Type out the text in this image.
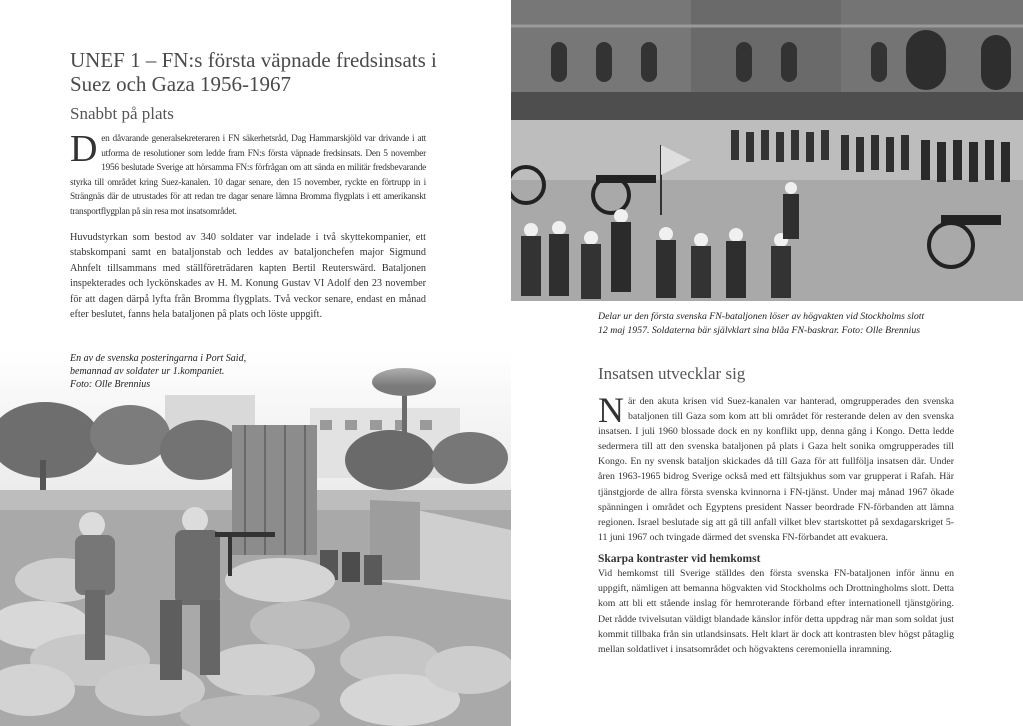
UNEF 1 – FN:s första väpnade fredsinsats i Suez och Gaza 1956-1967
Snabbt på plats

Den dåvarande generalsekreteraren i FN säkerhetsråd, Dag Hammarskjöld var drivande i att utforma de resolutioner som ledde fram FN:s första väpnade fredsinsats. Den 5 november 1956 beslutade Sverige att hörsamma FN:s förfrågan om att sända en militär fredsbevarande styrka till området kring Suez-kanalen. 10 dagar senare, den 15 november, ryckte en förtrupp in i Strängnäs där de utrustades för att redan tre dagar senare lämna Bromma flygplats i ett amerikanskt transportflygplan på sin resa mot insatsområdet.

Huvudstyrkan som bestod av 340 soldater var indelade i två skyttekompanier, ett stabskompani samt en bataljonstab och leddes av bataljonchefen major Sigmund Ahnfelt tillsammans med ställföreträdaren kapten Bertil Reuterswärd. Bataljonen inspekterades och lyckönskades av H. M. Konung Gustav VI Adolf den 23 november för att dagen därpå lyfta från Bromma flygplats. Två veckor senare, endast en månad efter beslutet, fanns hela bataljonen på plats och löste uppgift.

En av de svenska posteringarna i Port Said,
bemannad av soldater ur 1.kompaniet.
Foto: Olle Brennius

Delar ur den första svenska FN-bataljonen löser av högvakten vid Stockholms slott
12 maj 1957. Soldaterna bär självklart sina blåa FN-baskrar. Foto: Olle Brennius

Insatsen utvecklar sig

När den akuta krisen vid Suez-kanalen var hanterad, omgrupperades den svenska bataljonen till Gaza som kom att bli området för resterande delen av den svenska insatsen. I juli 1960 blossade dock en ny konflikt upp, denna gång i Kongo. Detta ledde sedermera till att den svenska bataljonen på plats i Gaza helt sonika omgrupperades till Kongo. En ny svensk bataljon skickades då till Gaza för att fullfölja insatsen där. Under åren 1963-1965 bidrog Sverige också med ett fältsjukhus som var grupperat i Rafah. Här tjänstgjorde de allra första svenska kvinnorna i FN-tjänst. Under maj månad 1967 ökade spänningen i området och Egyptens president Nasser beordrade FN-förbanden att lämna regionen. Israel beslutade sig att gå till anfall vilket blev startskottet på sexdagarskriget 5-11 juni 1967 och tvingade därmed det svenska FN-förbandet att evakuera.

Skarpa kontraster vid hemkomst

Vid hemkomst till Sverige ställdes den första svenska FN-bataljonen inför ännu en uppgift, nämligen att bemanna högvakten vid Stockholms och Drottningholms slott. Detta kom att bli ett stående inslag för hemroterande förband efter internationell tjänstgöring. Det rådde tvivelsutan väldigt blandade känslor inför detta uppdrag när man som soldat just kommit tillbaka från sin utlandsinsats. Helt klart är dock att kontrasten blev högst påtaglig mellan soldatlivet i insatsområdet och högvaktens ceremoniella inramning.
